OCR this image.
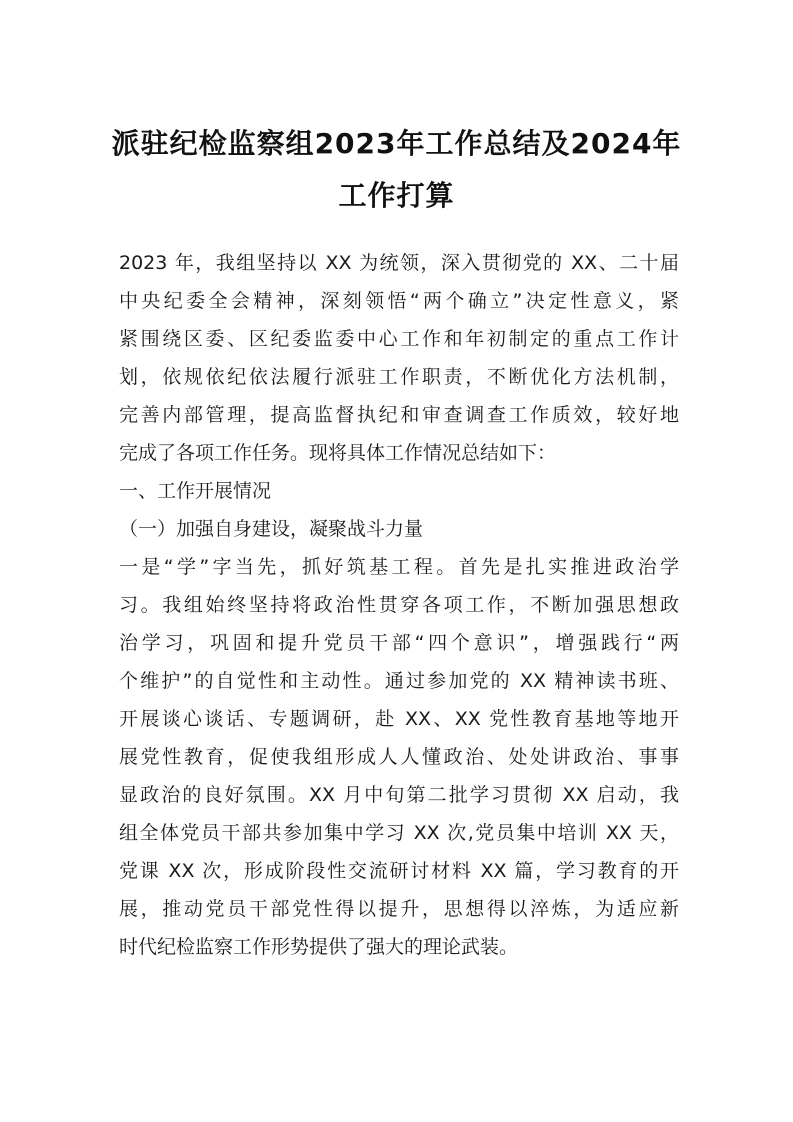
派驻纪检监察组2023年工作总结及2024年
工作打算
2023 年，我组坚持以 XX 为统领，深入贯彻党的 XX、二十届
中央纪委全会精神，深刻领悟“两个确立”决定性意义，紧
紧围绕区委、区纪委监委中心工作和年初制定的重点工作计
划，依规依纪依法履行派驻工作职责，不断优化方法机制，
完善内部管理，提高监督执纪和审查调查工作质效，较好地
完成了各项工作任务。现将具体工作情况总结如下：
一、工作开展情况
（一）加强自身建设，凝聚战斗力量
一是“学”字当先，抓好筑基工程。首先是扎实推进政治学
习。我组始终坚持将政治性贯穿各项工作，不断加强思想政
治学习，巩固和提升党员干部“四个意识”，增强践行“两
个维护”的自觉性和主动性。通过参加党的 XX 精神读书班、
开展谈心谈话、专题调研，赴 XX、XX 党性教育基地等地开
展党性教育，促使我组形成人人懂政治、处处讲政治、事事
显政治的良好氛围。XX 月中旬第二批学习贯彻 XX 启动，我
组全体党员干部共参加集中学习 XX 次,党员集中培训 XX 天，
党课 XX 次，形成阶段性交流研讨材料 XX 篇，学习教育的开
展，推动党员干部党性得以提升，思想得以淬炼，为适应新
时代纪检监察工作形势提供了强大的理论武装。
